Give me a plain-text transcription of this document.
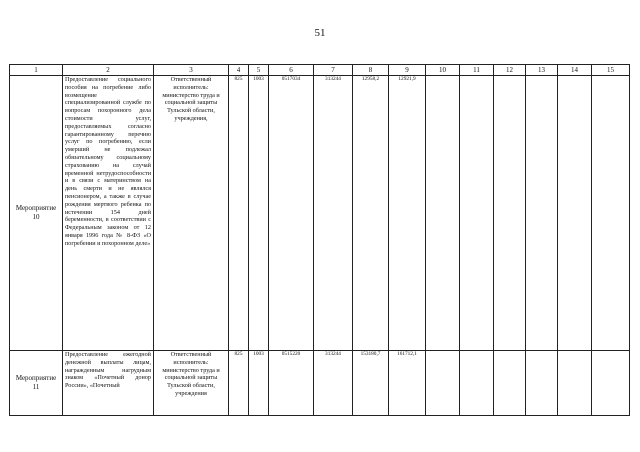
51
1	2	3	4	5	6	7	8	9	10	11	12	13	14	15
Мероприятие 10	Предоставление социального пособия на погребение либо возмещение специализированной службе по вопросам похоронного дела стоимости услуг, предоставляемых согласно гарантированному перечню услуг по погребению, если умерший не подлежал обязательному социальному страхованию на случай временной нетрудоспособности и в связи с материнством на день смерти и не являлся пенсионером, а также в случае рождения мертвого ребенка по истечении 154 дней беременности, в соответствии с Федеральным законом от 12 января 1996 года № 8-ФЗ «О погребении и похоронном деле»	Ответственный исполнитель: министерство труда и социальной защиты Тульской области, учреждения,	825	1003	0517034	313244	12958,2	12921,9						
Мероприятие 11	Предоставление ежегодной денежной выплаты лицам, награжденным нагрудным знаком «Почетный донор России», «Почетный	Ответственный исполнитель: министерство труда и социальной защиты Тульской области, учреждения	825	1003	0515220	313244	153180,7	161712,1						
